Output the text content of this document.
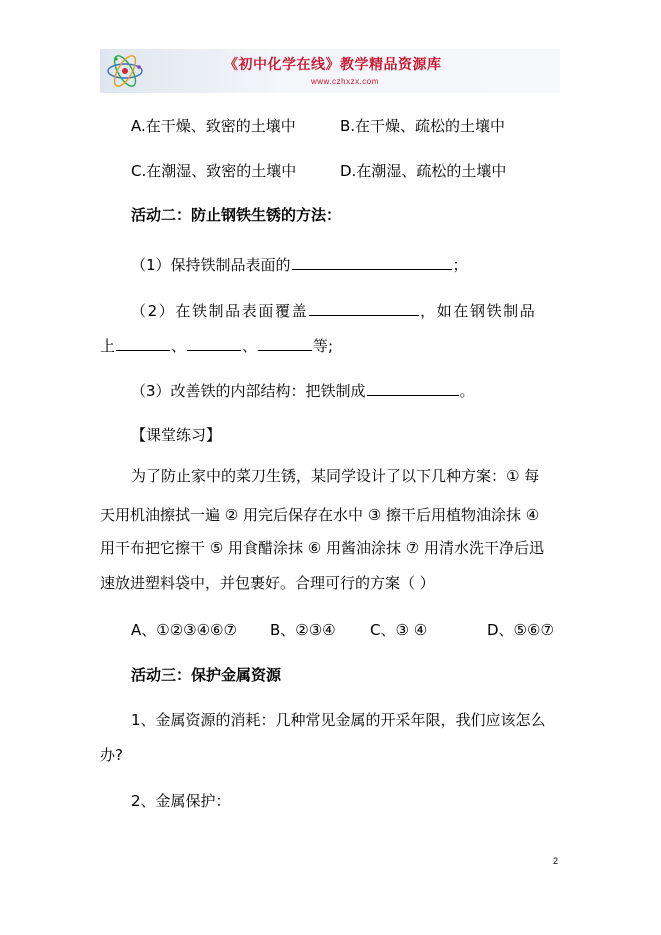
《初中化学在线》教学精品资源库
www.czhxzx.com
A.在干燥、致密的土壤中	B.在干燥、疏松的土壤中
C.在潮湿、致密的土壤中	D.在潮湿、疏松的土壤中
活动二：防止钢铁生锈的方法：
（1）保持铁制品表面的	；
（2）在铁制品表面覆盖	，如在钢铁制品
上	、	、	等;
（3）改善铁的内部结构：把铁制成	。
【课堂练习】
为了防止家中的菜刀生锈，某同学设计了以下几种方案：① 每
天用机油擦拭一遍 ② 用完后保存在水中 ③ 擦干后用植物油涂抹 ④
用干布把它擦干 ⑤ 用食醋涂抹 ⑥ 用酱油涂抹 ⑦ 用清水洗干净后迅
速放进塑料袋中，并包裹好。合理可行的方案（ ）
A、①②③④⑥⑦ B、②③④ C、③ ④	D、⑤⑥⑦
活动三：保护金属资源
1、金属资源的消耗：几种常见金属的开采年限，我们应该怎么
办?
2、金属保护：
2
